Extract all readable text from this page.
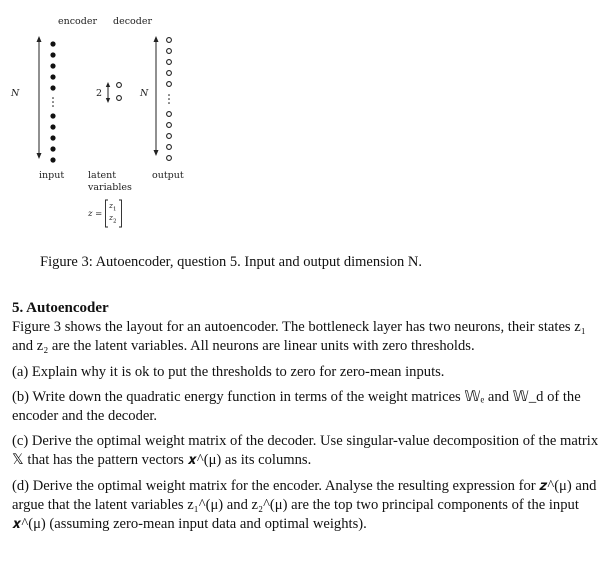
encoder decoder
N	N
2
input	latent
variables
output
z =
$z_1$
$z_2$
Figure 3: Autoencoder, question 5. Input and output dimension N.
5. Autoencoder
Figure 3 shows the layout for an autoencoder. The bottleneck layer has two neurons, their states z₁ and z₂ are the latent variables. All neurons are linear units with zero thresholds.
(a) Explain why it is ok to put the thresholds to zero for zero-mean inputs.
(b) Write down the quadratic energy function in terms of the weight matrices 𝕎ₑ and 𝕎_d of the encoder and the decoder.
(c) Derive the optimal weight matrix of the decoder. Use singular-value decomposition of the matrix 𝕏 that has the pattern vectors 𝒙^(μ) as its columns.
(d) Derive the optimal weight matrix for the encoder. Analyse the resulting expression for 𝒛^(μ) and argue that the latent variables z₁^(μ) and z₂^(μ) are the top two principal components of the input 𝒙^(μ) (assuming zero-mean input data and optimal weights).
